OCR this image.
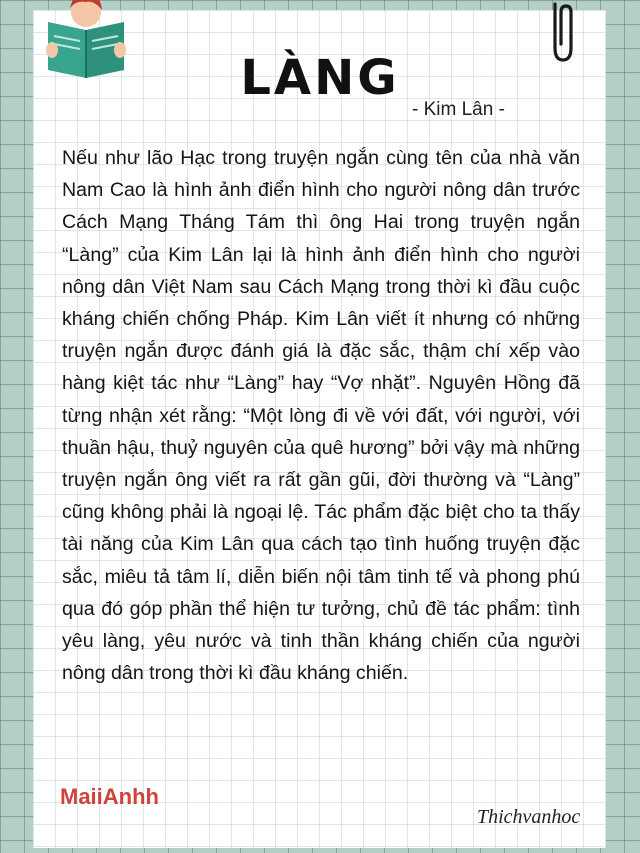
LÀNG
- Kim Lân -

Nếu như lão Hạc trong truyện ngắn cùng tên của nhà văn Nam Cao là hình ảnh điển hình cho người nông dân trước Cách Mạng Tháng Tám thì ông Hai trong truyện ngắn “Làng” của Kim Lân lại là hình ảnh điển hình cho người nông dân Việt Nam sau Cách Mạng trong thời kì đầu cuộc kháng chiến chống Pháp. Kim Lân viết ít nhưng có những truyện ngắn được đánh giá là đặc sắc, thậm chí xếp vào hàng kiệt tác như “Làng” hay “Vợ nhặt”. Nguyên Hồng đã từng nhận xét rằng: “Một lòng đi về với đất, với người, với thuần hậu, thuỷ nguyên của quê hương” bởi vậy mà những truyện ngắn ông viết ra rất gần gũi, đời thường và “Làng” cũng không phải là ngoại lệ. Tác phẩm đặc biệt cho ta thấy tài năng của Kim Lân qua cách tạo tình huống truyện đặc sắc, miêu tả tâm lí, diễn biến nội tâm tinh tế và phong phú qua đó góp phần thể hiện tư tưởng, chủ đề tác phẩm: tình yêu làng, yêu nước và tinh thần kháng chiến của người nông dân trong thời kì đầu kháng chiến.

MaiiAnhh
Thichvanhoc
